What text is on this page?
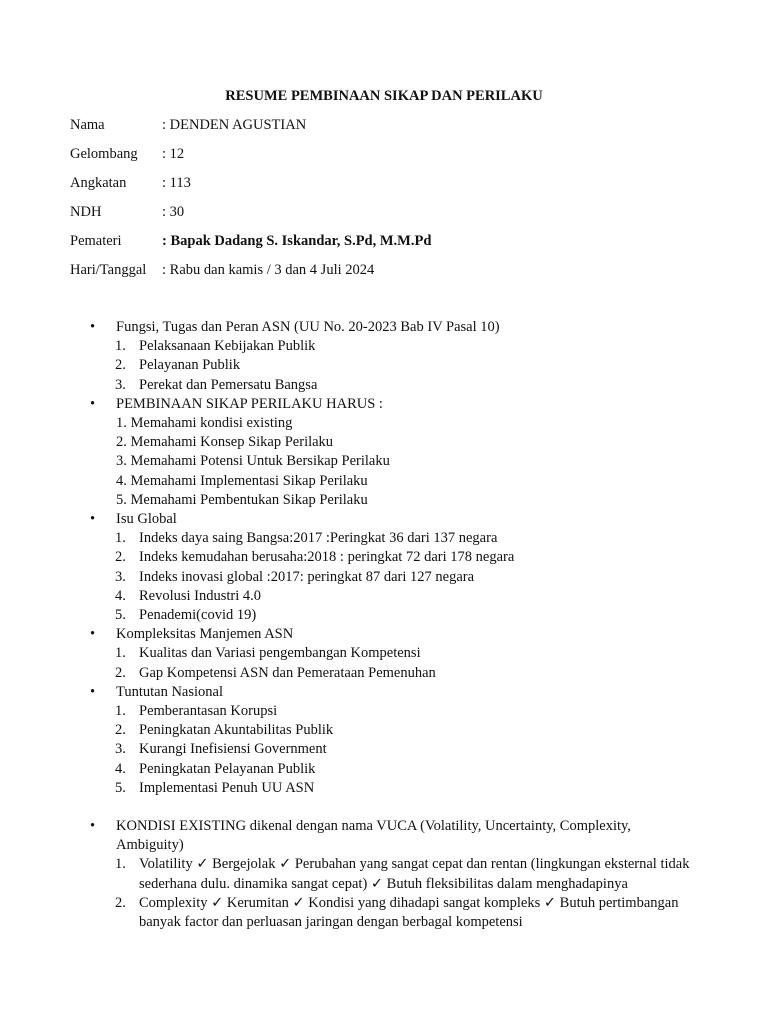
RESUME PEMBINAAN SIKAP DAN PERILAKU
Nama	: DENDEN AGUSTIAN
Gelombang	: 12
Angkatan	: 113
NDH	: 30
Pemateri	: Bapak Dadang S. Iskandar, S.Pd, M.M.Pd
Hari/Tanggal	: Rabu dan kamis / 3 dan 4 Juli 2024
• Fungsi, Tugas dan Peran ASN (UU No. 20-2023 Bab IV Pasal 10)
1. Pelaksanaan Kebijakan Publik
2. Pelayanan Publik
3. Perekat dan Pemersatu Bangsa
• PEMBINAAN SIKAP PERILAKU HARUS :
1. Memahami kondisi existing
2. Memahami Konsep Sikap Perilaku
3. Memahami Potensi Untuk Bersikap Perilaku
4. Memahami Implementasi Sikap Perilaku
5. Memahami Pembentukan Sikap Perilaku
• Isu Global
1. Indeks daya saing Bangsa:2017 :Peringkat 36 dari 137 negara
2. Indeks kemudahan berusaha:2018 : peringkat 72 dari 178 negara
3. Indeks inovasi global :2017: peringkat 87 dari 127 negara
4. Revolusi Industri 4.0
5. Penademi(covid 19)
• Kompleksitas Manjemen ASN
1. Kualitas dan Variasi pengembangan Kompetensi
2. Gap Kompetensi ASN dan Pemerataan Pemenuhan
• Tuntutan Nasional
1. Pemberantasan Korupsi
2. Peningkatan Akuntabilitas Publik
3. Kurangi Inefisiensi Government
4. Peningkatan Pelayanan Publik
5. Implementasi Penuh UU ASN
• KONDISI EXISTING dikenal dengan nama VUCA (Volatility, Uncertainty, Complexity, Ambiguity)
1. Volatility ✓ Bergejolak ✓ Perubahan yang sangat cepat dan rentan (lingkungan eksternal tidak sederhana dulu. dinamika sangat cepat) ✓ Butuh fleksibilitas dalam menghadapinya
2. Complexity ✓ Kerumitan ✓ Kondisi yang dihadapi sangat kompleks ✓ Butuh pertimbangan banyak factor dan perluasan jaringan dengan berbagal kompetensi
